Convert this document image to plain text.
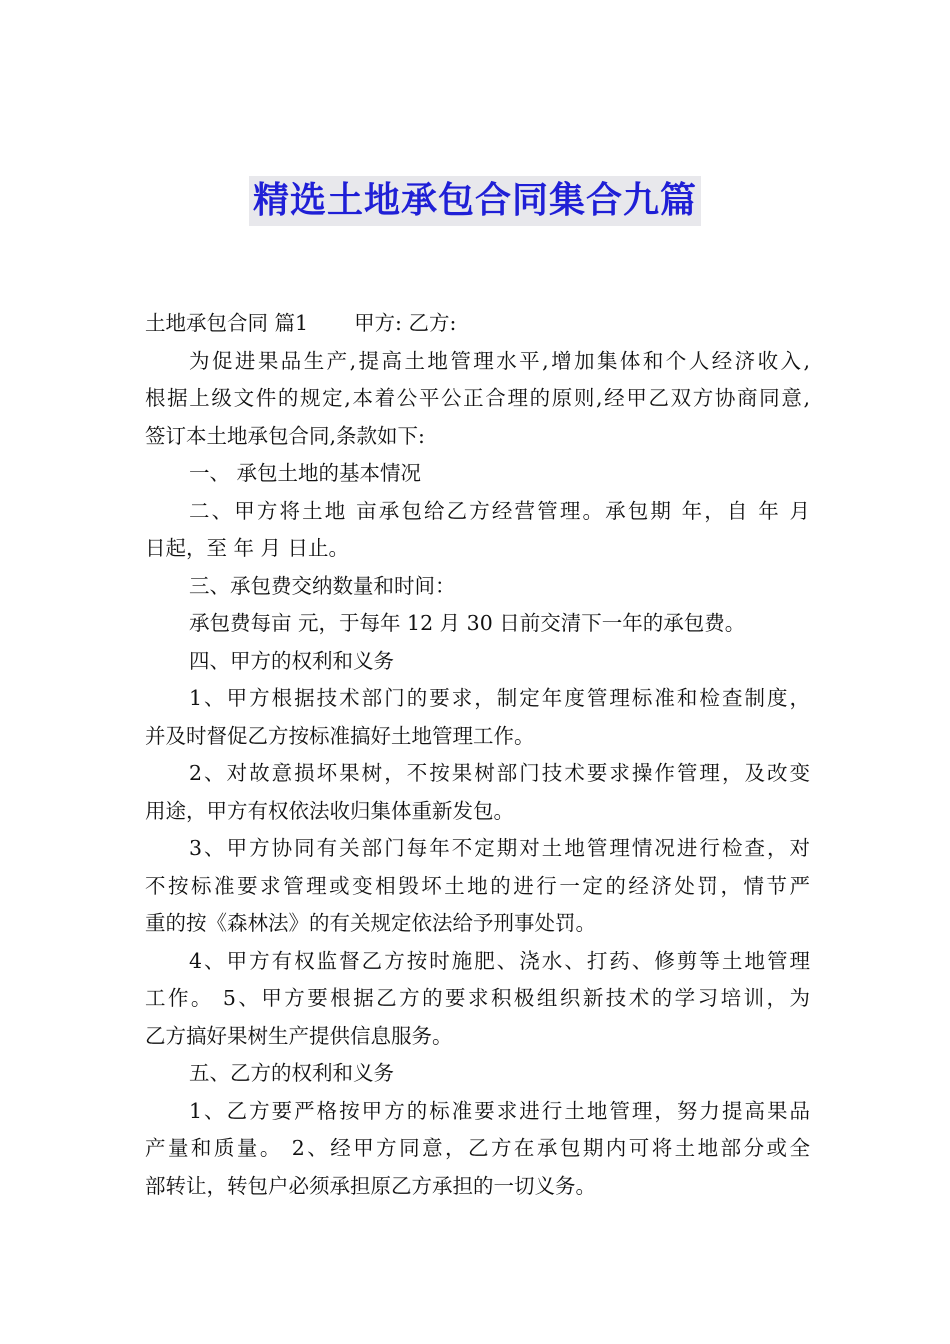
精选土地承包合同集合九篇
土地承包合同 篇1 甲方: 乙方:
为促进果品生产,提高土地管理水平,增加集体和个人经济收入,
根据上级文件的规定,本着公平公正合理的原则,经甲乙双方协商同意,
签订本土地承包合同,条款如下:
一、 承包土地的基本情况
二、甲方将土地 亩承包给乙方经营管理。承包期 年，自 年 月
日起，至 年 月 日止。
三、承包费交纳数量和时间：
承包费每亩 元，于每年 12 月 30 日前交清下一年的承包费。
四、甲方的权利和义务
1、甲方根据技术部门的要求，制定年度管理标准和检查制度，
并及时督促乙方按标准搞好土地管理工作。
2、对故意损坏果树，不按果树部门技术要求操作管理，及改变
用途，甲方有权依法收归集体重新发包。
3、甲方协同有关部门每年不定期对土地管理情况进行检查，对
不按标准要求管理或变相毁坏土地的进行一定的经济处罚，情节严
重的按《森林法》的有关规定依法给予刑事处罚。
4、甲方有权监督乙方按时施肥、浇水、打药、修剪等土地管理
工作。 5、甲方要根据乙方的要求积极组织新技术的学习培训，为
乙方搞好果树生产提供信息服务。
五、乙方的权利和义务
1、乙方要严格按甲方的标准要求进行土地管理，努力提高果品
产量和质量。 2、经甲方同意，乙方在承包期内可将土地部分或全
部转让，转包户必须承担原乙方承担的一切义务。
